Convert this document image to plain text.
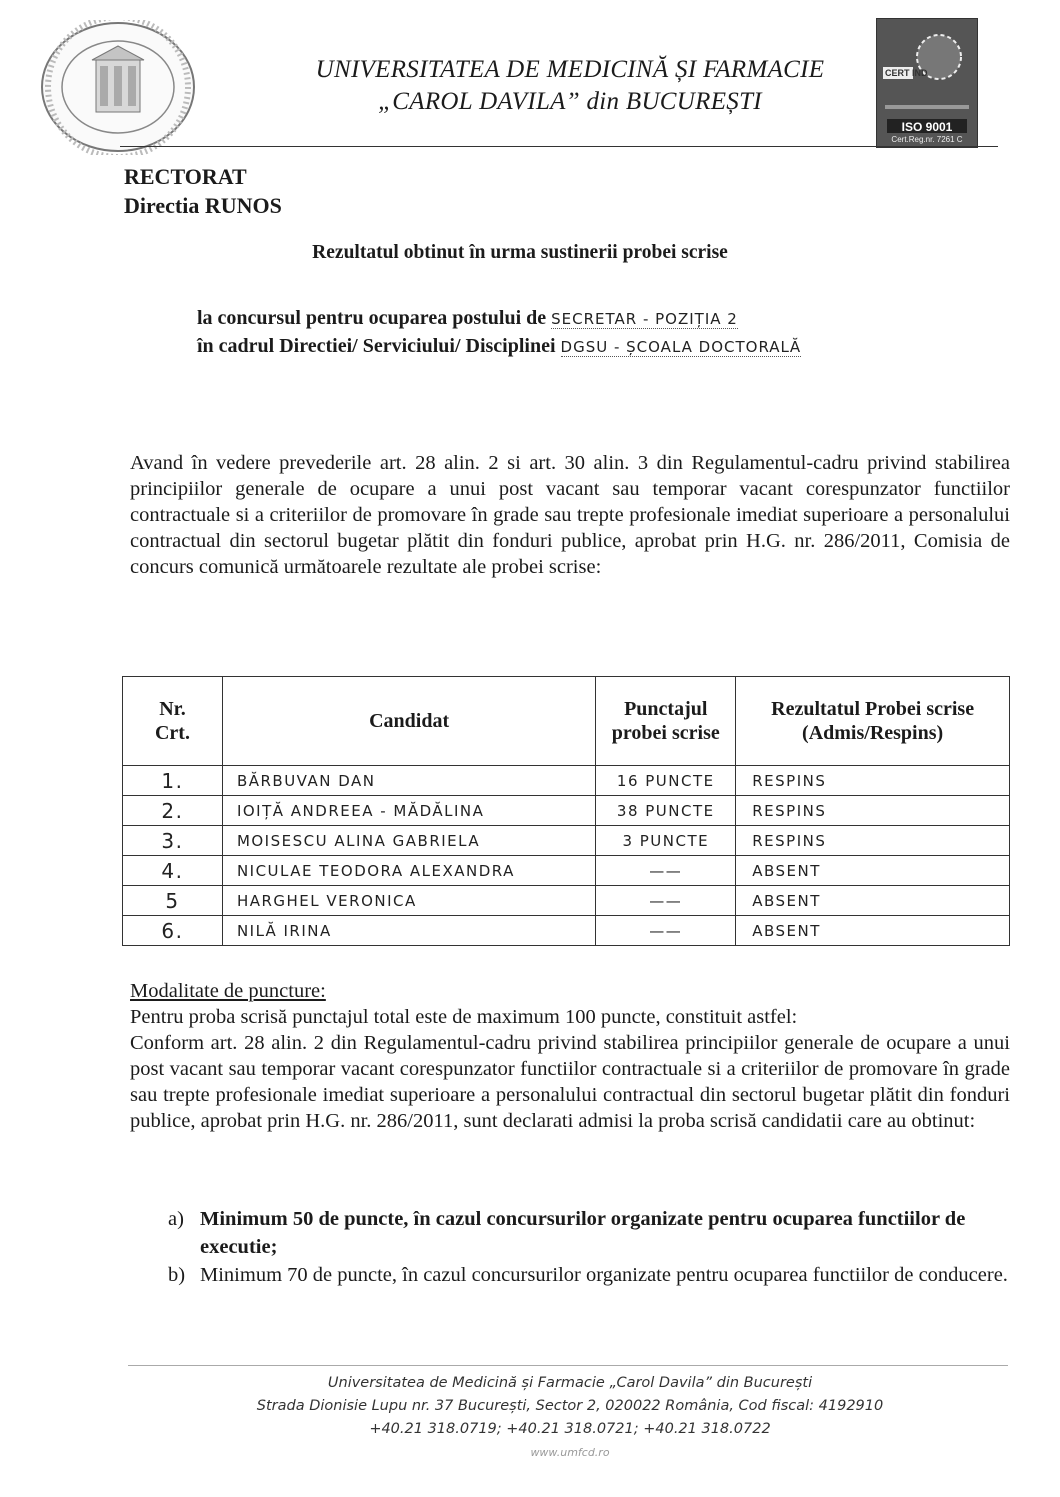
CERT IND
ISO 9001
Cert.Reg.nr. 7261 C
UNIVERSITATEA DE MEDICINĂ ȘI FARMACIE
„CAROL DAVILA” din BUCUREȘTI
RECTORAT
Directia RUNOS
Rezultatul obtinut în urma sustinerii probei scrise
la concursul pentru ocuparea postului de SECRETAR - POZIȚIA 2
în cadrul Directiei/ Serviciului/ Disciplinei DGSU - ȘCOALA DOCTORALĂ
Avand în vedere prevederile art. 28 alin. 2 si art. 30 alin. 3 din Regulamentul-cadru privind stabilirea principiilor generale de ocupare a unui post vacant sau temporar vacant corespunzator functiilor contractuale si a criteriilor de promovare în grade sau trepte profesionale imediat superioare a personalului contractual din sectorul bugetar plătit din fonduri publice, aprobat prin H.G. nr. 286/2011, Comisia de concurs comunică următoarele rezultate ale probei scrise:
Nr. Crt.	Candidat	Punctajul probei scrise	Rezultatul Probei scrise (Admis/Respins)
1.	BĂRBUVAN DAN	16 PUNCTE	RESPINS
2.	IOIȚĂ ANDREEA - MĂDĂLINA	38 PUNCTE	RESPINS
3.	MOISESCU ALINA GABRIELA	3 PUNCTE	RESPINS
4.	NICULAE TEODORA ALEXANDRA	——	ABSENT
5	HARGHEL VERONICA	——	ABSENT
6.	NILĂ IRINA	——	ABSENT
Modalitate de puncture:
Pentru proba scrisă punctajul total este de maximum 100 puncte, constituit astfel:
Conform art. 28 alin. 2 din Regulamentul-cadru privind stabilirea principiilor generale de ocupare a unui post vacant sau temporar vacant corespunzator functiilor contractuale si a criteriilor de promovare în grade sau trepte profesionale imediat superioare a personalului contractual din sectorul bugetar plătit din fonduri publice, aprobat prin H.G. nr. 286/2011, sunt declarati admisi la proba scrisă candidatii care au obtinut:
a) Minimum 50 de puncte, în cazul concursurilor organizate pentru ocuparea functiilor de executie;
b) Minimum 70 de puncte, în cazul concursurilor organizate pentru ocuparea functiilor de conducere.
Universitatea de Medicină și Farmacie „Carol Davila” din București
Strada Dionisie Lupu nr. 37 București, Sector 2, 020022 România, Cod fiscal: 4192910
+40.21 318.0719; +40.21 318.0721; +40.21 318.0722
www.umfcd.ro
